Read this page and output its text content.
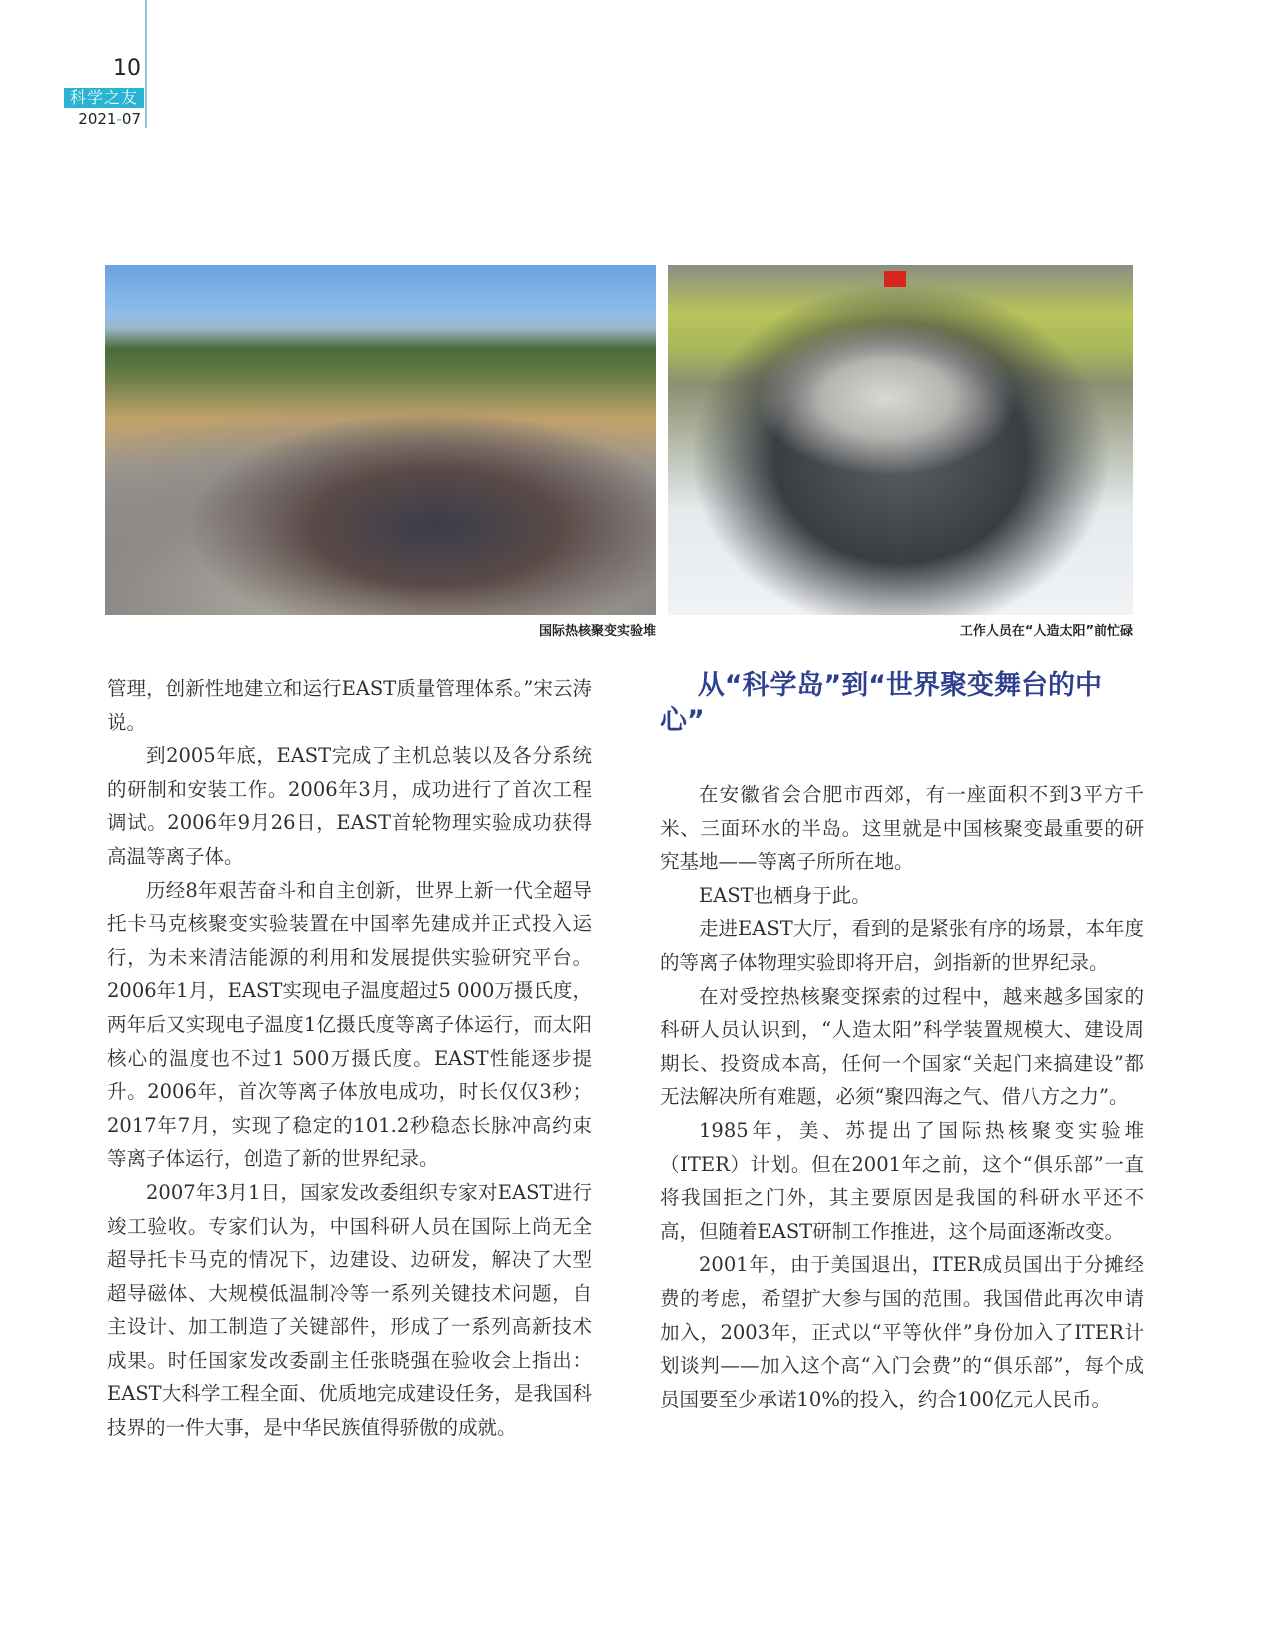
10
科学之友
2021-07
国际热核聚变实验堆	工作人员在“人造太阳”前忙碌

管理，创新性地建立和运行EAST质量管理体系。”宋云涛说。

到2005年底，EAST完成了主机总装以及各分系统的研制和安装工作。2006年3月，成功进行了首次工程调试。2006年9月26日，EAST首轮物理实验成功获得高温等离子体。

历经8年艰苦奋斗和自主创新，世界上新一代全超导托卡马克核聚变实验装置在中国率先建成并正式投入运行，为未来清洁能源的利用和发展提供实验研究平台。2006年1月，EAST实现电子温度超过5 000万摄氏度，两年后又实现电子温度1亿摄氏度等离子体运行，而太阳核心的温度也不过1 500万摄氏度。EAST性能逐步提升。2006年，首次等离子体放电成功，时长仅仅3秒；2017年7月，实现了稳定的101.2秒稳态长脉冲高约束等离子体运行，创造了新的世界纪录。

2007年3月1日，国家发改委组织专家对EAST进行竣工验收。专家们认为，中国科研人员在国际上尚无全超导托卡马克的情况下，边建设、边研发，解决了大型超导磁体、大规模低温制冷等一系列关键技术问题，自主设计、加工制造了关键部件，形成了一系列高新技术成果。时任国家发改委副主任张晓强在验收会上指出：EAST大科学工程全面、优质地完成建设任务，是我国科技界的一件大事，是中华民族值得骄傲的成就。

从“科学岛”到“世界聚变舞台的中心”

在安徽省会合肥市西郊，有一座面积不到3平方千米、三面环水的半岛。这里就是中国核聚变最重要的研究基地——等离子所所在地。

EAST也栖身于此。

走进EAST大厅，看到的是紧张有序的场景，本年度的等离子体物理实验即将开启，剑指新的世界纪录。

在对受控热核聚变探索的过程中，越来越多国家的科研人员认识到，“人造太阳”科学装置规模大、建设周期长、投资成本高，任何一个国家“关起门来搞建设”都无法解决所有难题，必须“聚四海之气、借八方之力”。

1985年，美、苏提出了国际热核聚变实验堆（ITER）计划。但在2001年之前，这个“俱乐部”一直将我国拒之门外，其主要原因是我国的科研水平还不高，但随着EAST研制工作推进，这个局面逐渐改变。

2001年，由于美国退出，ITER成员国出于分摊经费的考虑，希望扩大参与国的范围。我国借此再次申请加入，2003年，正式以“平等伙伴”身份加入了ITER计划谈判——加入这个高“入门会费”的“俱乐部”，每个成员国要至少承诺10%的投入，约合100亿元人民币。
